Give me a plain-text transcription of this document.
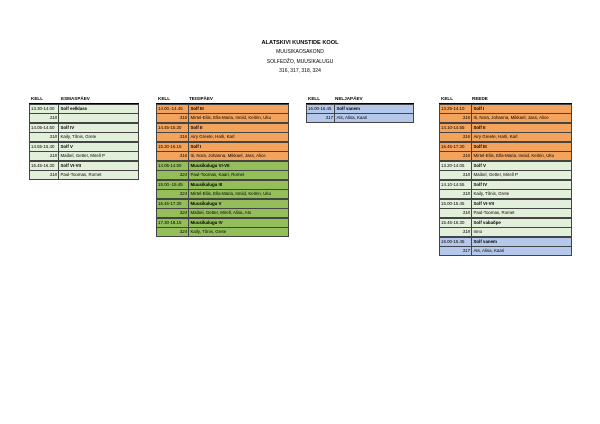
ALATSKIVI KUNSTIDE KOOL
MUUSIKAOSAKOND
SOLFEDŽO, MUUSIKALUGU
316, 317, 318, 324
KELL	ESMASPÄEV
13.30-14.00	Solf eelklass
318
14.05-14.50	Solf IV
318 Kaily, Tõnis, Grete
14.55-15.40	Solf V
318 Maibel, Getter, Mirell P
15.45-16.30	Solf VI-VII
318 Paul-Toomas, Romet
KELL	TEISIPÄEV
14.00.-14.45	Solf III
316 Mirtel-Eliis, Ella-Maria, Inniid, Keitrin, Uku
14.45-15.30	Solf II
316 Airy Greete, Harli, Karl
15.30-16.15	Solf I
316 Iti, Nora, Johanna, Mikkael, Jass, Alice
14.05-14.50	Muusikalugu VI-VII
324 Paul-Toomas, Kaari, Romet
15.00.-15.45	Muusikalugu III
324 Mirtel-Eliis, Ella-Maria, Inniid, Keitrin, Uku
16.45-17.30	Muusikalugu V
324 Maibel, Getter, Mirell, Alisa, Ats
17.30-18.15	Muusikalugu IV
324 Kaily, Tõnis, Grete
KELL	NELJAPÄEV
16.00-16.45	Solf vanem
317 Ats, Alisa, Kaari
KELL	REEDE
13.25-14.10	Solf I
316 Iti, Nora, Johanna, Mikkael, Jass, Alice
14.10-14.55	Solf II
316 Airy Greete, Harli, Karl
16.45-17.30	Solf III
316 Mirtel-Eliis, Ella-Maria, Inniid, Keitrin, Uku
13.20-14.05	Solf V
318 Maibel, Getter, Mirell P
14.10-14.55	Solf IV
318 Kaily, Tõnis, Grete
15.00-15.45	Solf VI-VII
318 Paul-Toomas, Romet
15.45-16.30	Solf vabaõpe
318 Inno
16.00-16.45	Solf vanem
317 Ats, Alisa, Kaari
